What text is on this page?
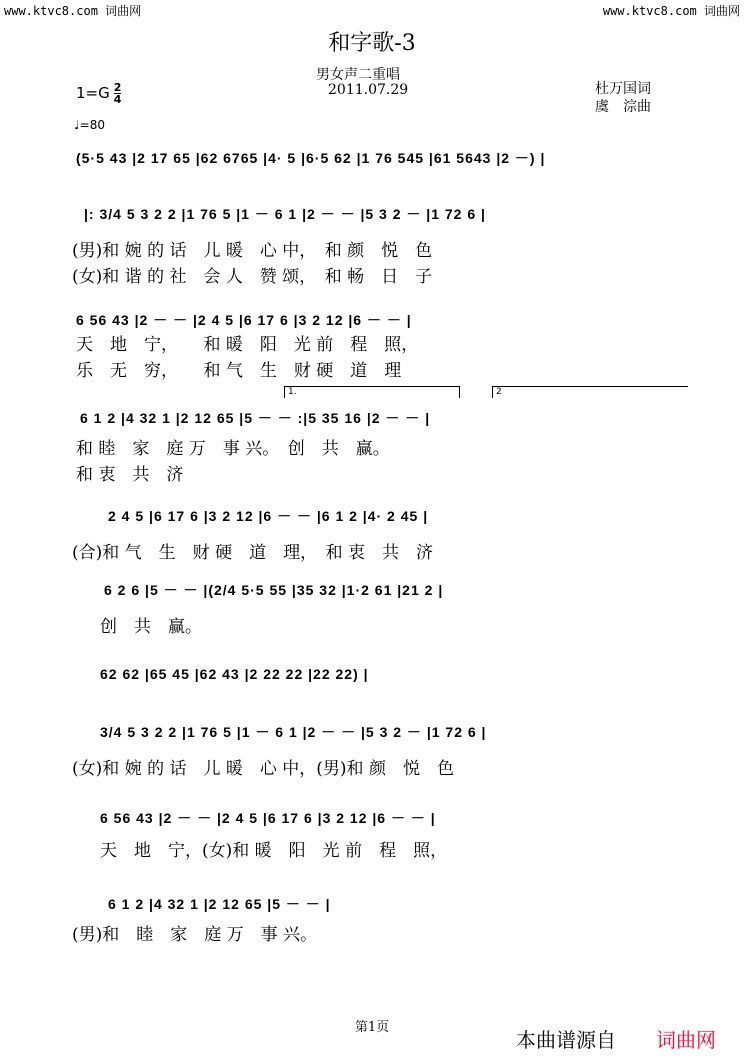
www.ktvc8.com 词曲网	www.ktvc8.com 词曲网
和字歌-3
男女声二重唱
2011.07.29
$1=G \frac{2}{4}$	杜万国词
虞　淙曲
♩=80
(5·5 43 |2 17 65 |62 6765 |4· 5 |6·5 62 |1 76 545 |61 5643 |2 －) |
|: 3/4 5 3 2 2 |1 76 5 |1 － 6 1 |2 － － |5 3 2 － |1 72 6 |
(男)和 婉 的 话　儿 暖　心 中，　和 颜　悦　色
(女)和 谐 的 社　会 人　赞 颂，　和 畅　日　子
6 56 43 |2 － － |2 4 5 |6 17 6 |3 2 12 |6 － － |
天　地　宁，　　和 暖　阳　光 前　程　照，
乐　无　穷，　　和 气　生　财 硬　道　理
1.	2
6 1 2 |4 32 1 |2 12 65 |5 － － :|5 35 16 |2 － － |
和 睦　家　庭 万　事 兴。　创　共　赢。
和 衷　共　济
2 4 5 |6 17 6 |3 2 12 |6 － － |6 1 2 |4· 2 45 |
(合)和 气　生　财 硬　道　理，　和 衷　共　济
6 2 6 |5 － － |(2/4 5·5 55 |35 32 |1·2 61 |21 2 |
创　共　赢。
62 62 |65 45 |62 43 |2 22 22 |22 22) |
3/4 5 3 2 2 |1 76 5 |1 － 6 1 |2 － － |5 3 2 － |1 72 6 |
(女)和 婉 的 话　儿 暖　心 中，(男)和 颜　悦　色
6 56 43 |2 － － |2 4 5 |6 17 6 |3 2 12 |6 － － |
天　地　宁，(女)和 暖　阳　光 前　程　照，
6 1 2 |4 32 1 |2 12 65 |5 － － |
(男)和　睦　家　庭 万　事 兴。
第1页
本曲谱源自 词曲网
